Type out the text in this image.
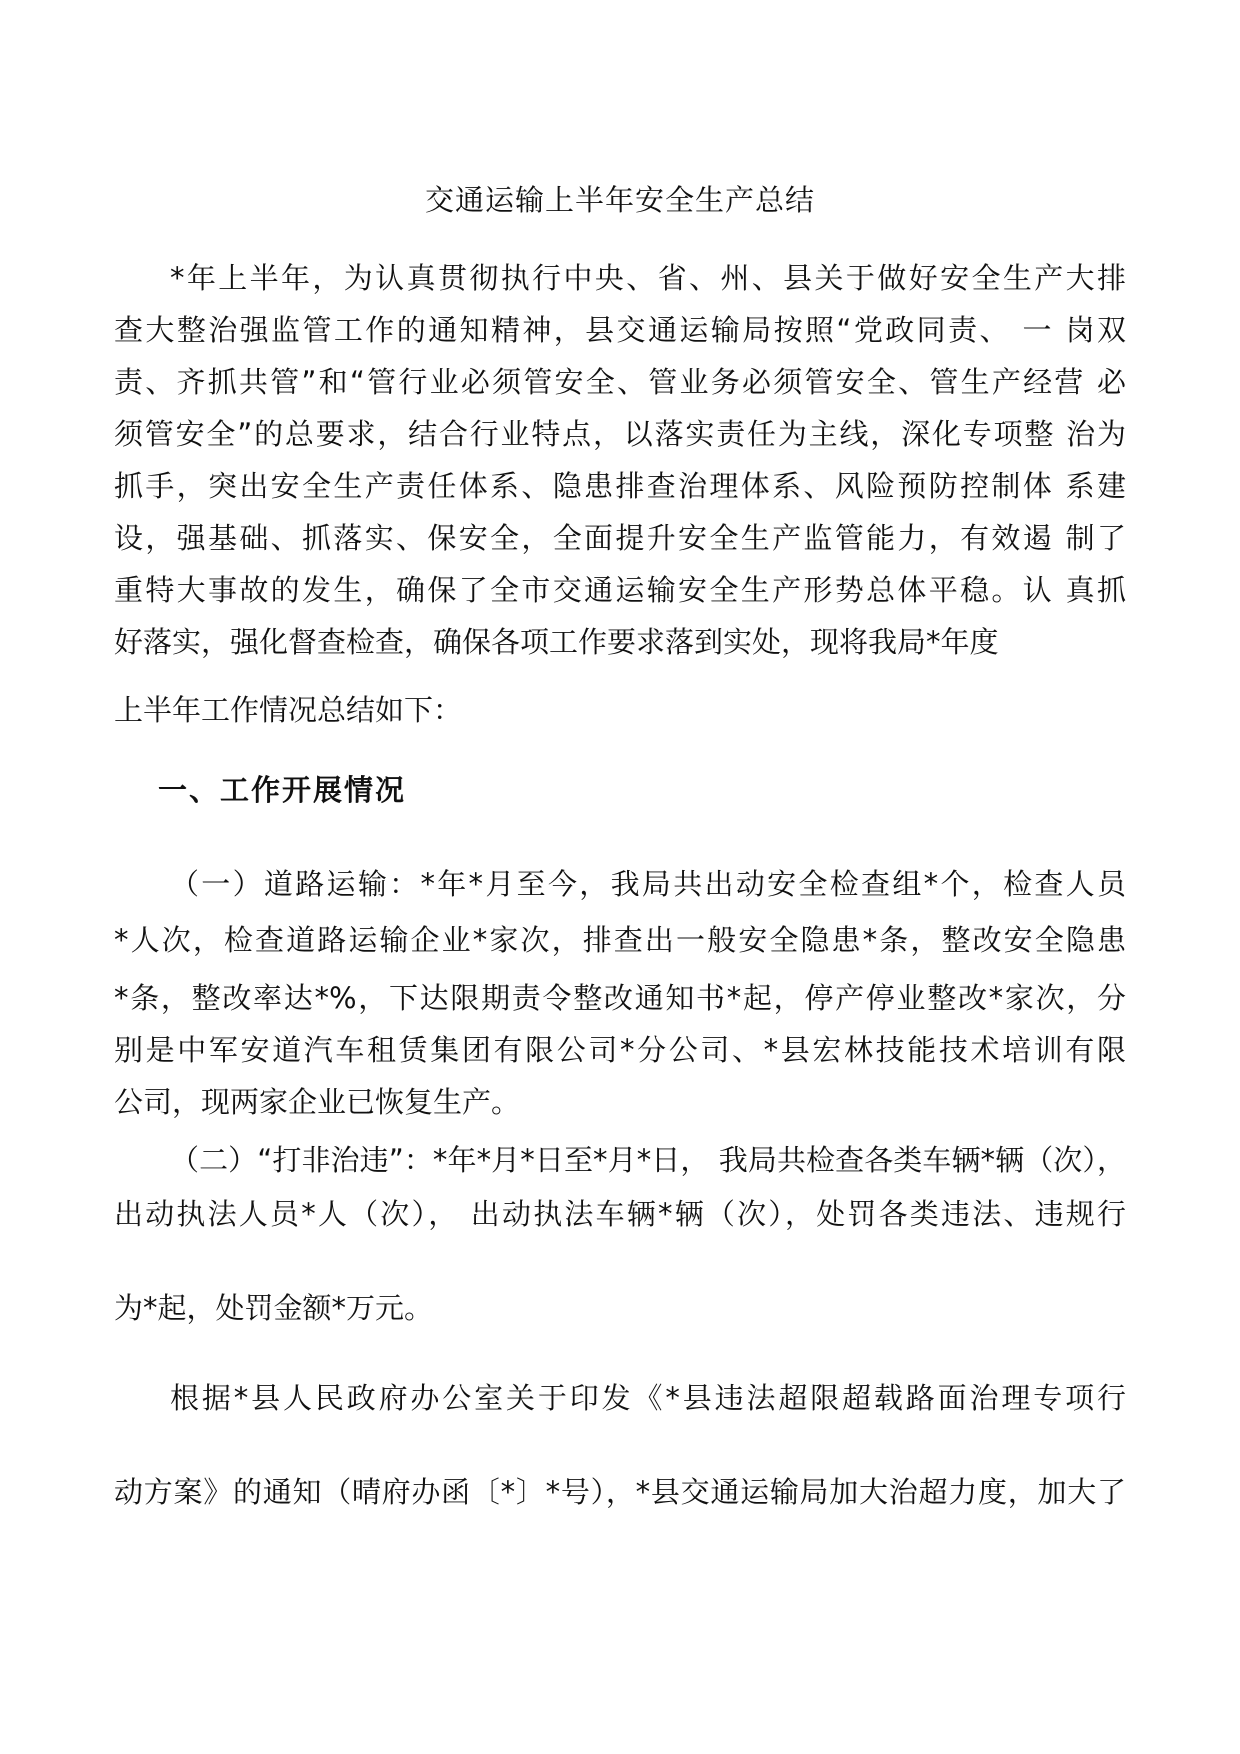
交通运输上半年安全生产总结
*年上半年，为认真贯彻执行中央、省、州、县关于做好安全生产大排
查大整治强监管工作的通知精神，县交通运输局按照“党政同责、 一 岗双
责、齐抓共管”和“管行业必须管安全、管业务必须管安全、管生产经营 必
须管安全”的总要求，结合行业特点，以落实责任为主线，深化专项整 治为
抓手，突出安全生产责任体系、隐患排查治理体系、风险预防控制体 系建
设，强基础、抓落实、保安全，全面提升安全生产监管能力，有效遏 制了
重特大事故的发生，确保了全市交通运输安全生产形势总体平稳。认 真抓
好落实，强化督查检查，确保各项工作要求落到实处，现将我局*年度
上半年工作情况总结如下：
一、工作开展情况
（一）道路运输：*年*月至今，我局共出动安全检查组*个，检查人员
*人次，检查道路运输企业*家次，排查出一般安全隐患*条，整改安全隐患
*条，整改率达*%，下达限期责令整改通知书*起，停产停业整改*家次，分
别是中军安道汽车租赁集团有限公司*分公司、*县宏林技能技术培训有限
公司，现两家企业已恢复生产。
（二）“打非治违”：*年*月*日至*月*日， 我局共检查各类车辆*辆（次），
出动执法人员*人（次）， 出动执法车辆*辆（次），处罚各类违法、违规行
为*起，处罚金额*万元。
根据*县人民政府办公室关于印发《*县违法超限超载路面治理专项行
动方案》的通知（晴府办函〔*〕*号），*县交通运输局加大治超力度，加大了
